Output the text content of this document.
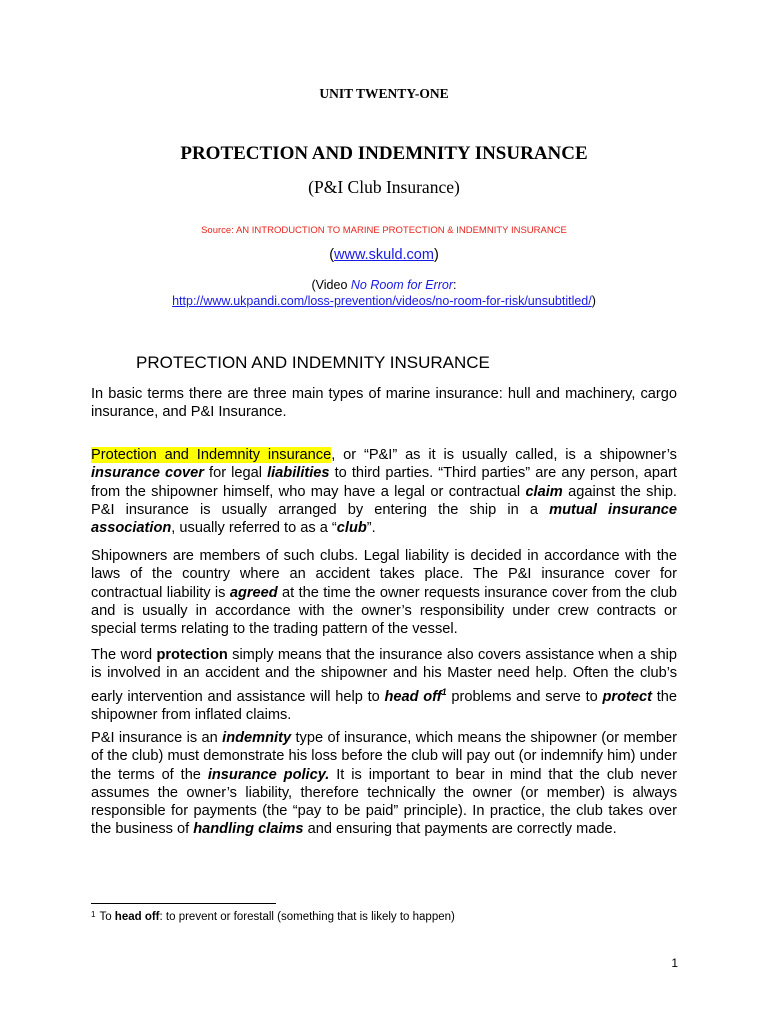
UNIT TWENTY-ONE
PROTECTION AND INDEMNITY INSURANCE
(P&I Club Insurance)
Source: AN INTRODUCTION TO MARINE PROTECTION & INDEMNITY INSURANCE
(www.skuld.com)
(Video No Room for Error:
http://www.ukpandi.com/loss-prevention/videos/no-room-for-risk/unsubtitled/)
PROTECTION AND INDEMNITY INSURANCE
In basic terms there are three main types of marine insurance: hull and machinery, cargo insurance, and P&I Insurance.
Protection and Indemnity insurance, or “P&I” as it is usually called, is a shipowner’s insurance cover for legal liabilities to third parties. “Third parties” are any person, apart from the shipowner himself, who may have a legal or contractual claim against the ship. P&I insurance is usually arranged by entering the ship in a mutual insurance association, usually referred to as a “club”.
Shipowners are members of such clubs. Legal liability is decided in accordance with the laws of the country where an accident takes place. The P&I insurance cover for contractual liability is agreed at the time the owner requests insurance cover from the club and is usually in accordance with the owner’s responsibility under crew contracts or special terms relating to the trading pattern of the vessel.
The word protection simply means that the insurance also covers assistance when a ship is involved in an accident and the shipowner and his Master need help. Often the club’s early intervention and assistance will help to head off$^1$ problems and serve to protect the shipowner from inflated claims.
P&I insurance is an indemnity type of insurance, which means the shipowner (or member of the club) must demonstrate his loss before the club will pay out (or indemnify him) under the terms of the insurance policy. It is important to bear in mind that the club never assumes the owner’s liability, therefore technically the owner (or member) is always responsible for payments (the “pay to be paid” principle). In practice, the club takes over the business of handling claims and ensuring that payments are correctly made.
$^1$ To head off: to prevent or forestall (something that is likely to happen)
1
